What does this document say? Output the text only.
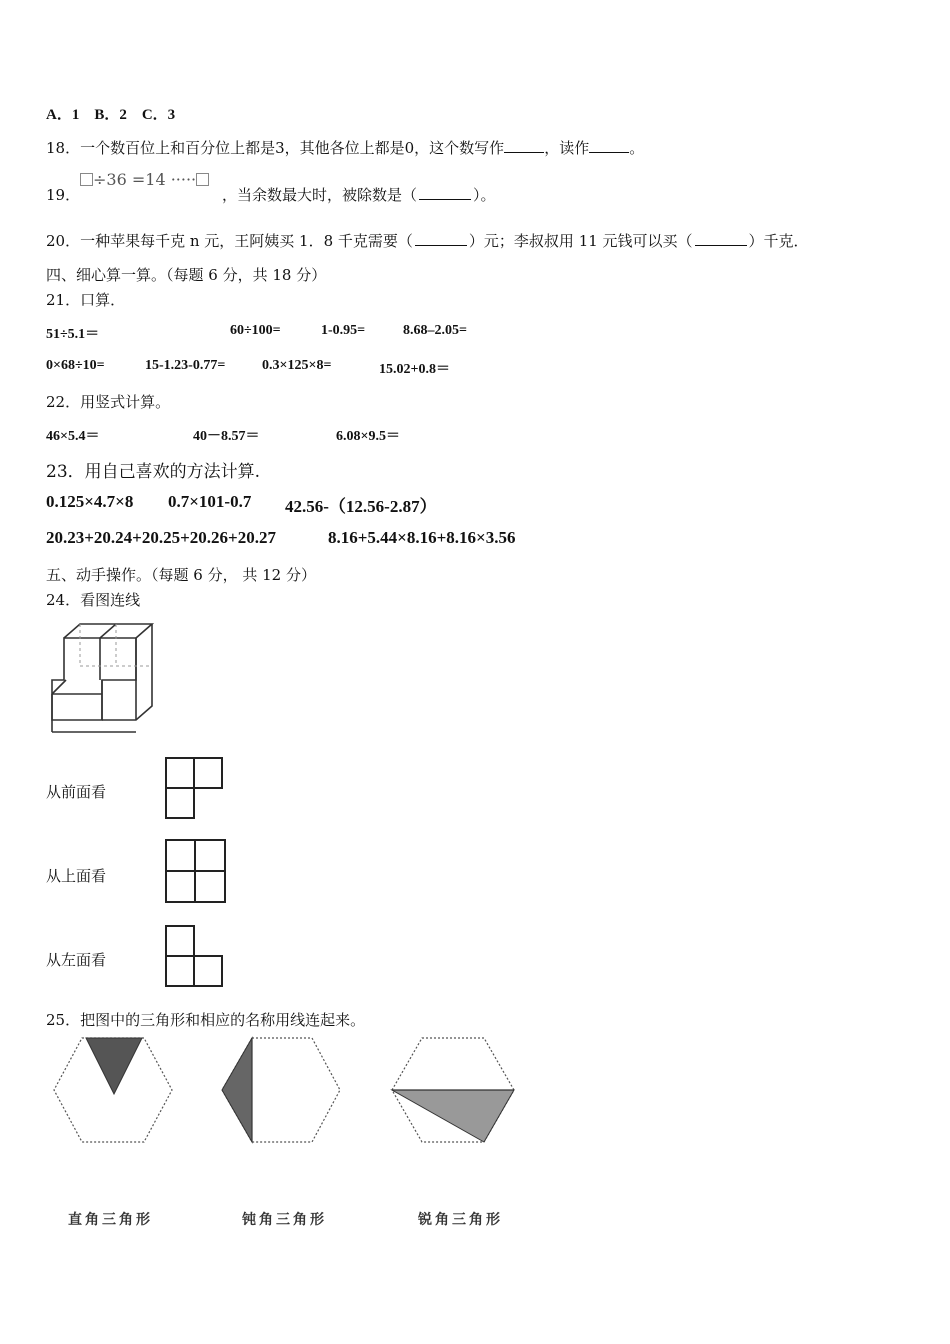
A．1　B．2　C．3
18．一个数百位上和百分位上都是3，其他各位上都是0，这个数写作	，读作	。
19．
÷36 =14 ·····
，当余数最大时，被除数是（	）。
20．一种苹果每千克 n 元，王阿姨买 1．8 千克需要（	）元；李叔叔用 11 元钱可以买（	）千克．
四、细心算一算。（每题 6 分，共 18 分）
21．口算．
51÷5.1＝	60÷100=	1-0.95=	8.68–2.05=
0×68÷10=	15-1.23-0.77=	0.3×125×8=	15.02+0.8＝
22．用竖式计算。
46×5.4＝	40－8.57＝	6.08×9.5＝
23．用自己喜欢的方法计算.
0.125×4.7×8 0.7×101-0.7 42.56-（12.56-2.87）
20.23+20.24+20.25+20.26+20.27	8.16+5.44×8.16+8.16×3.56
五、动手操作。（每题 6 分， 共 12 分）
24．看图连线
从前面看
从上面看
从左面看
25．把图中的三角形和相应的名称用线连起来。
直角三角形	钝角三角形	锐角三角形
